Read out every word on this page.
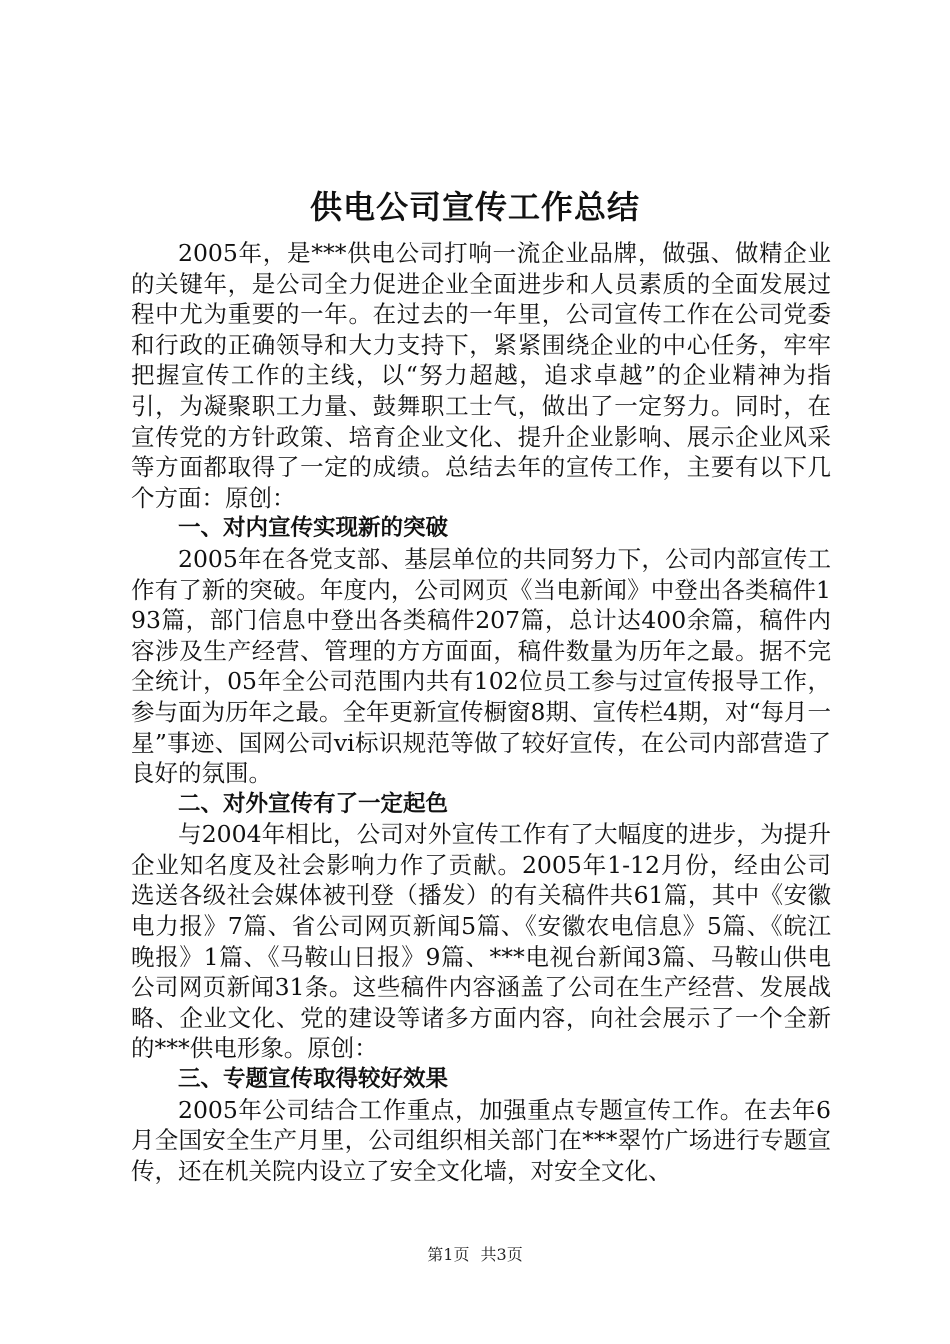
供电公司宣传工作总结

2005年，是***供电公司打响一流企业品牌，做强、做精企业的关键年，是公司全力促进企业全面进步和人员素质的全面发展过程中尤为重要的一年。在过去的一年里，公司宣传工作在公司党委和行政的正确领导和大力支持下，紧紧围绕企业的中心任务，牢牢把握宣传工作的主线，以“努力超越，追求卓越”的企业精神为指引，为凝聚职工力量、鼓舞职工士气，做出了一定努力。同时，在宣传党的方针政策、培育企业文化、提升企业影响、展示企业风采等方面都取得了一定的成绩。总结去年的宣传工作，主要有以下几个方面：原创：

一、对内宣传实现新的突破

2005年在各党支部、基层单位的共同努力下，公司内部宣传工作有了新的突破。年度内，公司网页《当电新闻》中登出各类稿件193篇，部门信息中登出各类稿件207篇，总计达400余篇，稿件内容涉及生产经营、管理的方方面面，稿件数量为历年之最。据不完全统计，05年全公司范围内共有102位员工参与过宣传报导工作，参与面为历年之最。全年更新宣传橱窗8期、宣传栏4期，对“每月一星”事迹、国网公司vi标识规范等做了较好宣传，在公司内部营造了良好的氛围。

二、对外宣传有了一定起色

与2004年相比，公司对外宣传工作有了大幅度的进步，为提升企业知名度及社会影响力作了贡献。2005年1-12月份，经由公司选送各级社会媒体被刊登（播发）的有关稿件共61篇，其中《安徽电力报》7篇、省公司网页新闻5篇、《安徽农电信息》5篇、《皖江晚报》1篇、《马鞍山日报》9篇、***电视台新闻3篇、马鞍山供电公司网页新闻31条。这些稿件内容涵盖了公司在生产经营、发展战略、企业文化、党的建设等诸多方面内容，向社会展示了一个全新的***供电形象。原创：

三、专题宣传取得较好效果

2005年公司结合工作重点，加强重点专题宣传工作。在去年6月全国安全生产月里，公司组织相关部门在***翠竹广场进行专题宣传，还在机关院内设立了安全文化墙，对安全文化、

第1页 共3页
